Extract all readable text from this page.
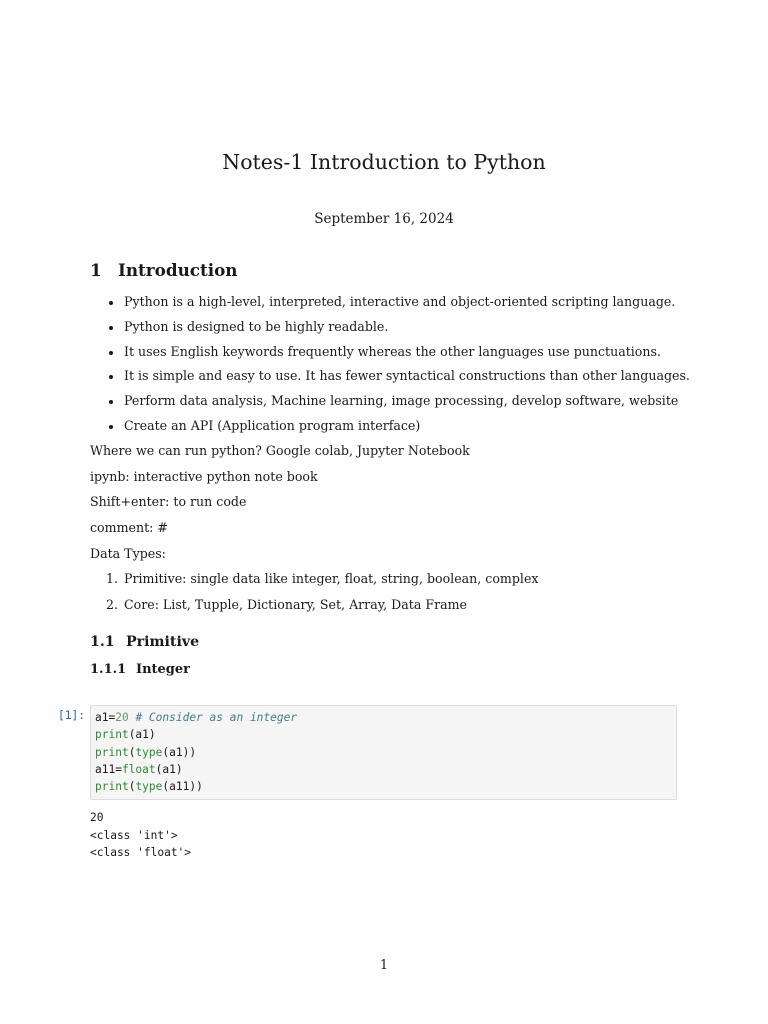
Notes-1 Introduction to Python
September 16, 2024
1 Introduction
Python is a high-level, interpreted, interactive and object-oriented scripting language.
Python is designed to be highly readable.
It uses English keywords frequently whereas the other languages use punctuations.
It is simple and easy to use. It has fewer syntactical constructions than other languages.
Perform data analysis, Machine learning, image processing, develop software, website
Create an API (Application program interface)

Where we can run python? Google colab, Jupyter Notebook

ipynb: interactive python note book

Shift+enter: to run code

comment: #

Data Types:

1. Primitive: single data like integer, float, string, boolean, complex
2. Core: List, Tupple, Dictionary, Set, Array, Data Frame
1.1 Primitive
1.1.1 Integer
[1]: a1=20 # Consider as an integer
print(a1)
print(type(a1))
a11=float(a1)
print(type(a11))
20
<class 'int'>
<class 'float'>
1
